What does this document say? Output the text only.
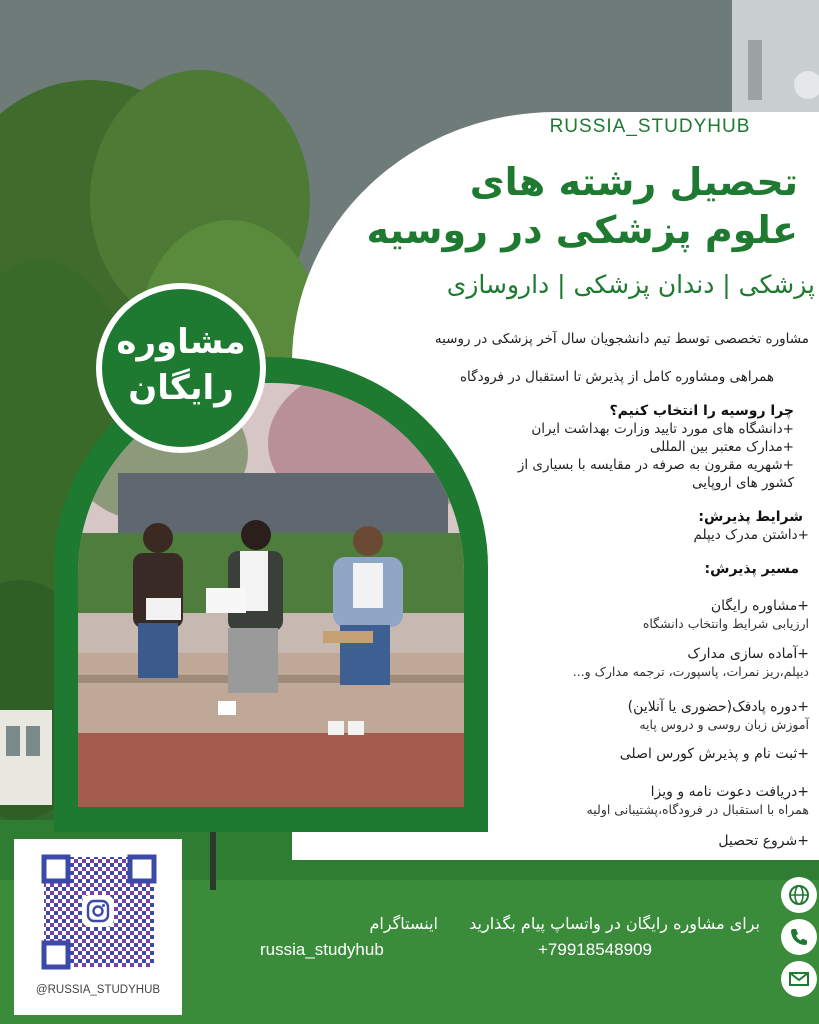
RUSSIA_STUDYHUB
تحصیل رشته های
علوم پزشکی در روسیه
پزشکی | دندان پزشکی | داروسازی
مشاوره تخصصی توسط تیم دانشجویان سال آخر پزشکی در روسیه
همراهی ومشاوره کامل از پذیرش تا استقبال در فرودگاه
چرا روسیه را انتخاب کنیم؟
+دانشگاه های مورد تایید وزارت بهداشت ایران
+مدارک معتبر بین المللی
+شهریه مقرون به صرفه در مقایسه با بسیاری از
کشور های اروپایی
شرایط پذیرش:
+داشتن مدرک دیپلم
مسیر پذیرش:
+مشاوره رایگان
ارزیابی شرایط وانتخاب دانشگاه
+آماده سازی مدارک
دیپلم،ریز نمرات، پاسپورت، ترجمه مدارک و...
+دوره پادفک(حضوری یا آنلاین)
آموزش زبان روسی و دروس پایه
+ثبت نام و پذیرش کورس اصلی
+دریافت دعوت نامه و ویزا
همراه با استقبال در فرودگاه،پشتیبانی اولیه
+شروع تحصیل
مشاوره
رایگان
@RUSSIA_STUDYHUB
اینستاگرام
russia_studyhub
برای مشاوره رایگان در واتساپ پیام بگذارید
+79918548909
